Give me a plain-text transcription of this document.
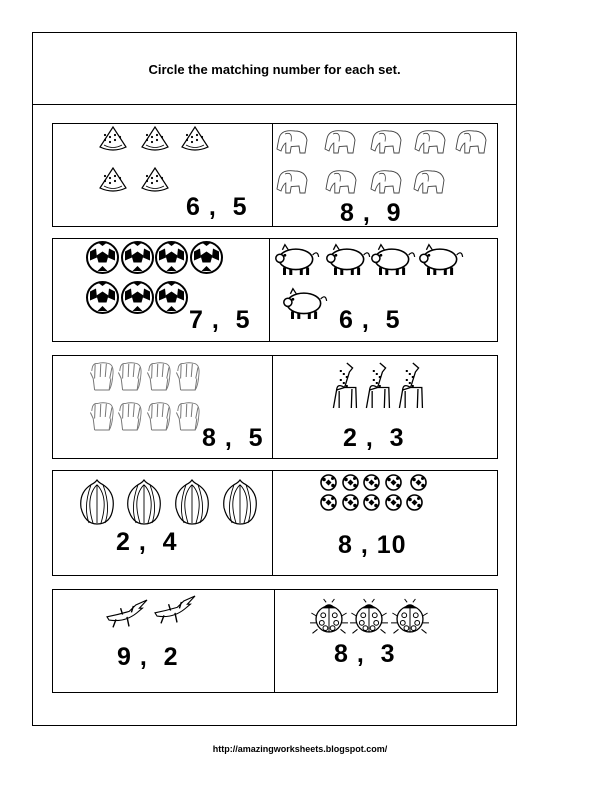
Circle the matching number for each set.
6 ,  5	8 ,  9
7 ,  5	6 ,  5
8 ,  5	2 ,  3
2 ,  4	8 , 10
9 ,  2	8 ,  3
http://amazingworksheets.blogspot.com/
